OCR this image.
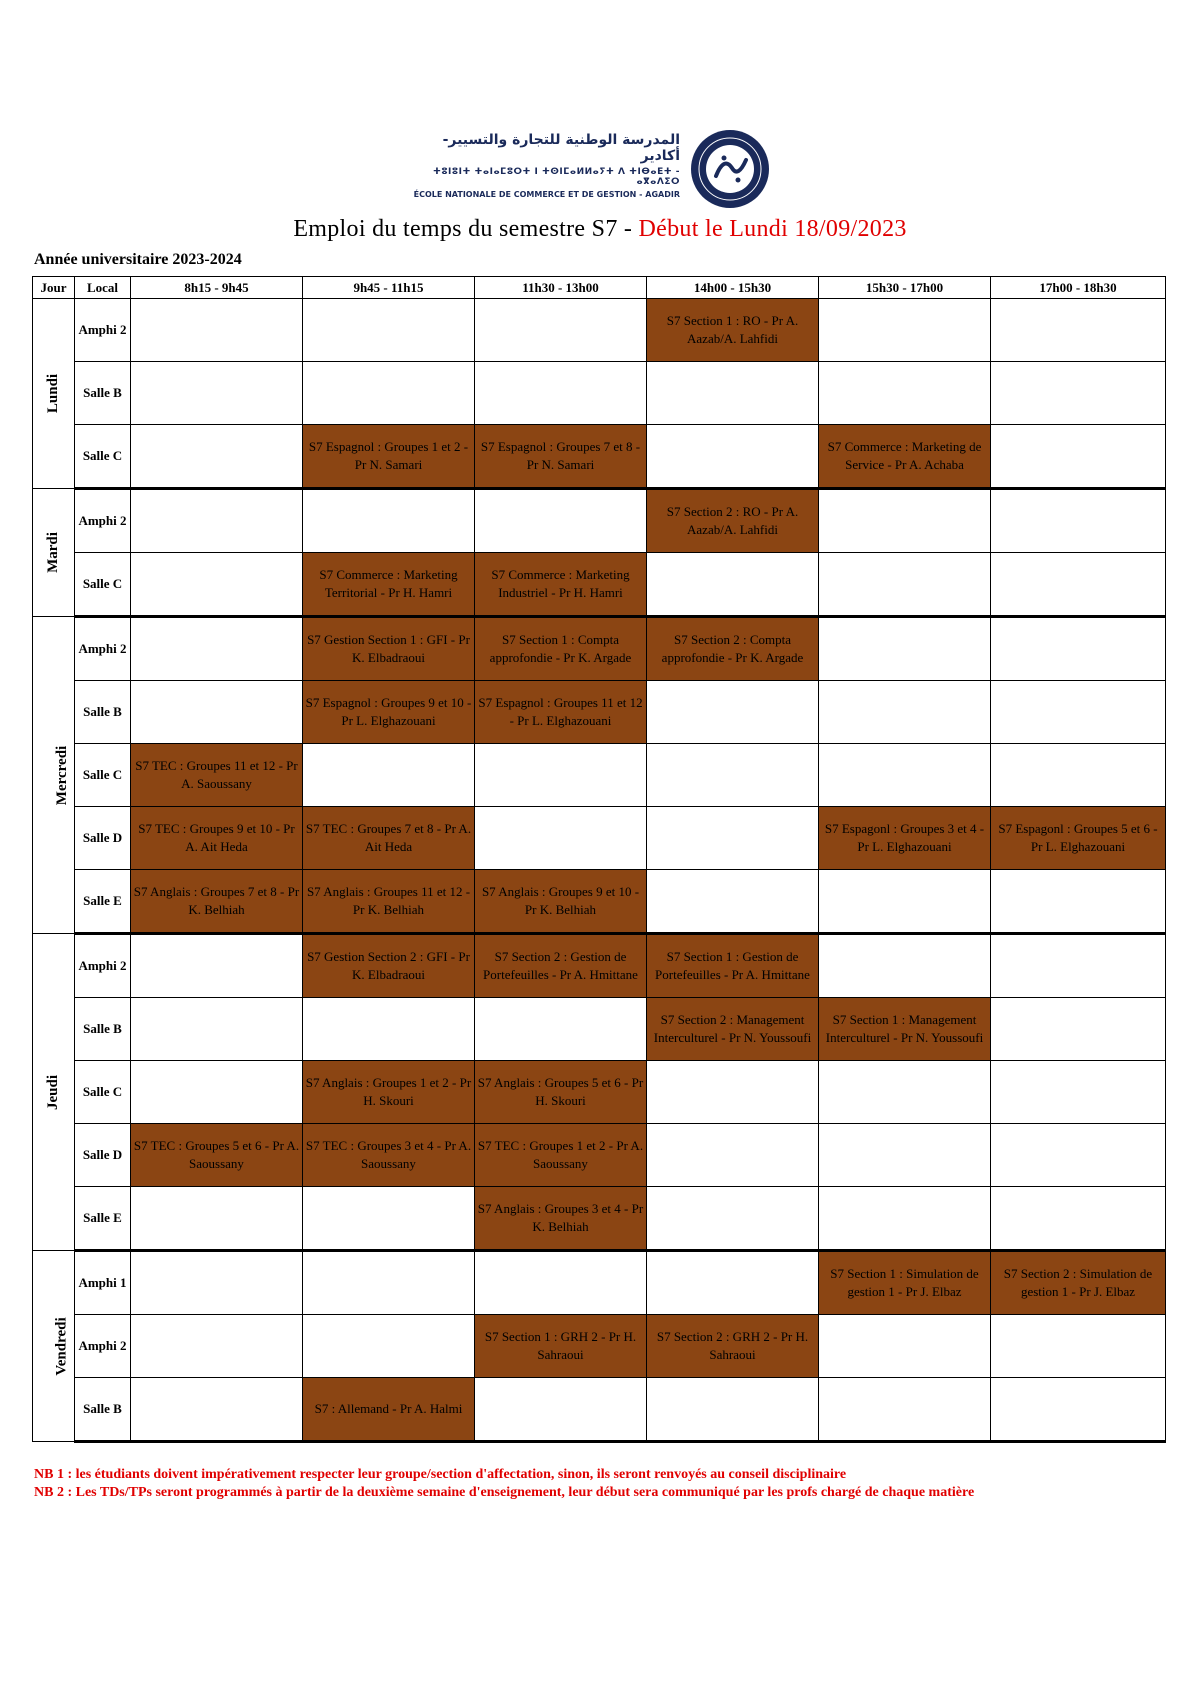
المدرسة الوطنية للتجارة والتسيير-أكادير
ⵜⵓⵏⵓⵏⵜ ⵜⴰⵏⴰⵎⵓⵔⵜ ⵏ ⵜⵙⵏⵎⴰⵍⵍⴰⵢⵜ ⴷ ⵜⵏⴱⴰⴹⵜ - ⴰⴳⴰⴷⵉⵔ
ÉCOLE NATIONALE DE COMMERCE ET DE GESTION - AGADIR
Emploi du temps du semestre S7 - Début le Lundi 18/09/2023
Année universitaire 2023-2024
Jour	Local	8h15 - 9h45	9h45 - 11h15	11h30 - 13h00	14h00 - 15h30	15h30 - 17h00	17h00 - 18h30
Lundi	Amphi 2				S7 Section 1 : RO - Pr A. Aazab/A. Lahfidi		
	Salle B						
	Salle C		S7 Espagnol : Groupes 1 et 2 - Pr N. Samari	S7 Espagnol : Groupes 7 et 8 - Pr N. Samari		S7 Commerce : Marketing de Service - Pr A. Achaba	
Mardi	Amphi 2				S7 Section 2 : RO - Pr A. Aazab/A. Lahfidi		
	Salle C		S7 Commerce : Marketing Territorial - Pr H. Hamri	S7 Commerce : Marketing Industriel - Pr H. Hamri			
Mercredi	Amphi 2		S7 Gestion Section 1 : GFI - Pr K. Elbadraoui	S7 Section 1 : Compta approfondie - Pr K. Argade	S7 Section 2 : Compta approfondie - Pr K. Argade		
	Salle B		S7 Espagnol : Groupes 9 et 10 - Pr L. Elghazouani	S7 Espagnol : Groupes 11 et 12 - Pr L. Elghazouani			
	Salle C	S7 TEC : Groupes 11 et 12 - Pr A. Saoussany					
	Salle D	S7 TEC : Groupes 9 et 10 - Pr A. Ait Heda	S7 TEC : Groupes 7 et 8 - Pr A. Ait Heda			S7 Espagonl : Groupes 3 et 4 - Pr L. Elghazouani	S7 Espagonl : Groupes 5 et 6 - Pr L. Elghazouani
	Salle E	S7 Anglais : Groupes 7 et 8 - Pr K. Belhiah	S7 Anglais : Groupes 11 et 12 - Pr K. Belhiah	S7 Anglais : Groupes 9 et 10 - Pr K. Belhiah			
Jeudi	Amphi 2		S7 Gestion Section 2 : GFI - Pr K. Elbadraoui	S7 Section 2 : Gestion de Portefeuilles - Pr A. Hmittane	S7 Section 1 : Gestion de Portefeuilles - Pr A. Hmittane		
	Salle B				S7 Section 2 : Management Interculturel - Pr N. Youssoufi	S7 Section 1 : Management Interculturel - Pr N. Youssoufi	
	Salle C		S7 Anglais : Groupes 1 et 2 - Pr H. Skouri	S7 Anglais : Groupes 5 et 6 - Pr H. Skouri			
	Salle D	S7 TEC : Groupes 5 et 6 - Pr A. Saoussany	S7 TEC : Groupes 3 et 4 - Pr A. Saoussany	S7 TEC : Groupes 1 et 2 - Pr A. Saoussany			
	Salle E			S7 Anglais : Groupes 3 et 4 - Pr K. Belhiah			
Vendredi	Amphi 1					S7 Section 1 : Simulation de gestion 1 - Pr J. Elbaz	S7 Section 2 : Simulation de gestion 1 - Pr J. Elbaz
	Amphi 2			S7 Section 1 : GRH 2 - Pr H. Sahraoui	S7 Section 2 : GRH 2 - Pr H. Sahraoui		
	Salle B		S7 : Allemand - Pr A. Halmi				
NB 1 : les étudiants doivent impérativement respecter leur groupe/section d'affectation, sinon, ils seront renvoyés au conseil disciplinaire
NB 2 : Les TDs/TPs seront programmés à partir de la deuxième semaine d'enseignement, leur début sera communiqué par les profs chargé de chaque matière
